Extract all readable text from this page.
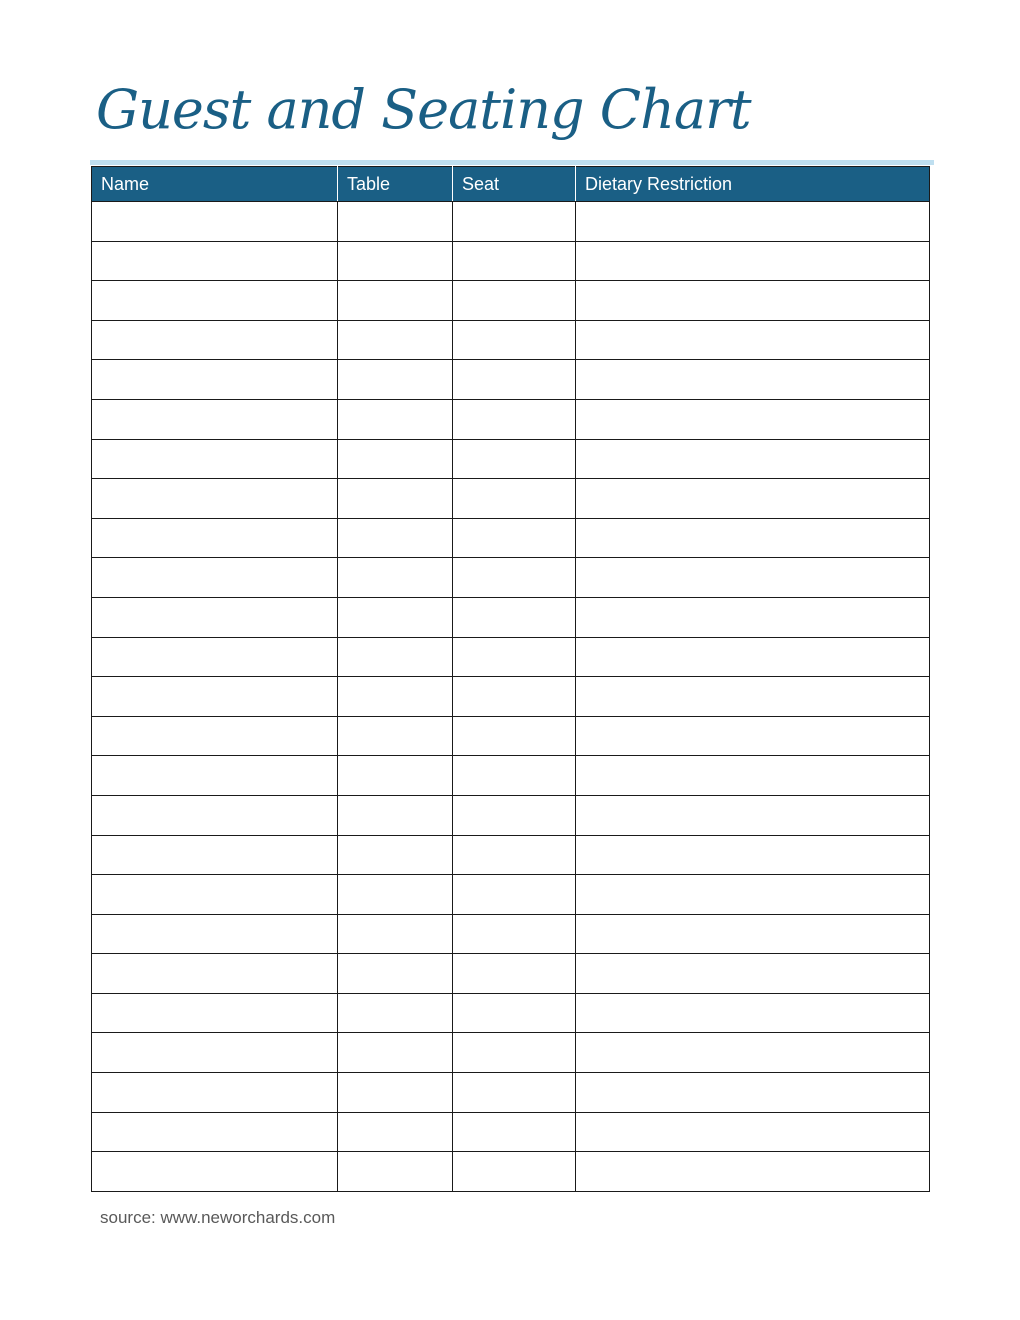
Guest and Seating Chart
Name	Table	Seat	Dietary Restriction

source: www.neworchards.com
